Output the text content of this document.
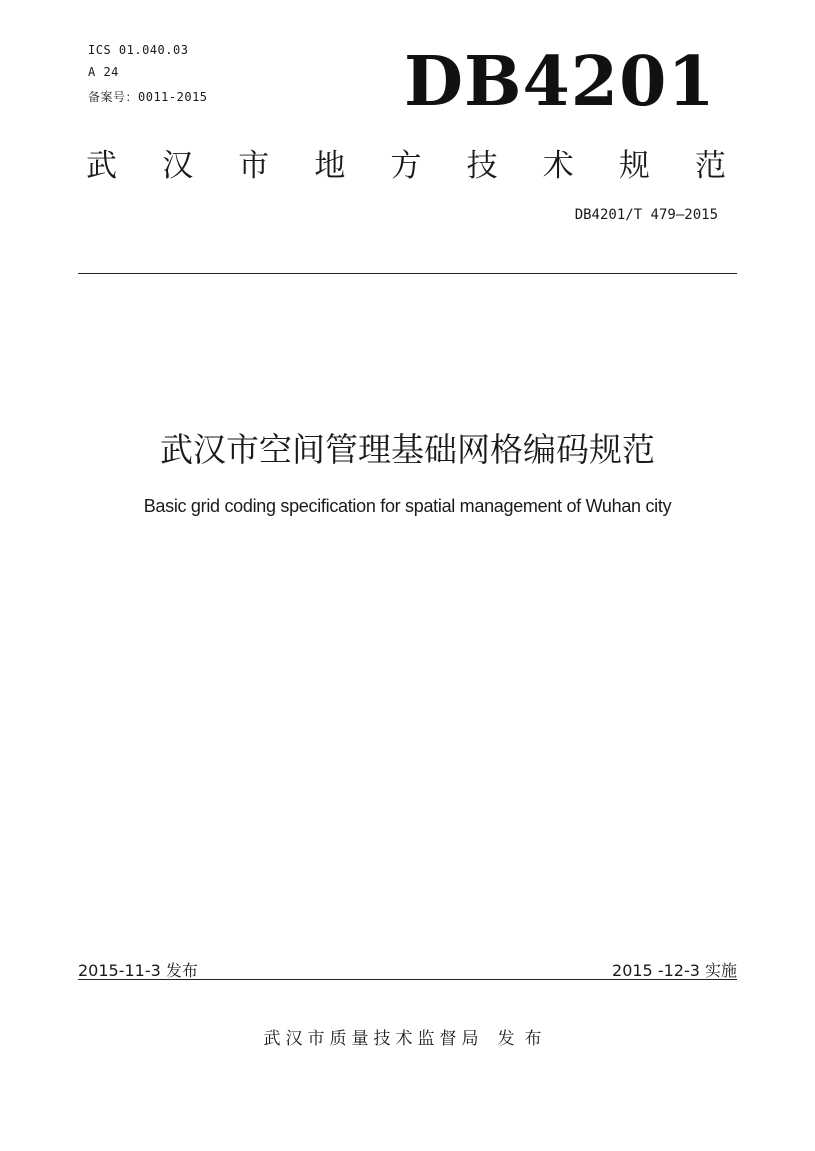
ICS 01.040.03
A 24
备案号：0011-2015	DB4201
武 汉 市 地 方 技 术 规 范
DB4201/T 479—2015
武汉市空间管理基础网格编码规范
Basic grid coding specification for spatial management of Wuhan city
2015-11-3 发布	2015 -12-3 实施
武汉市质量技术监督局 发布
